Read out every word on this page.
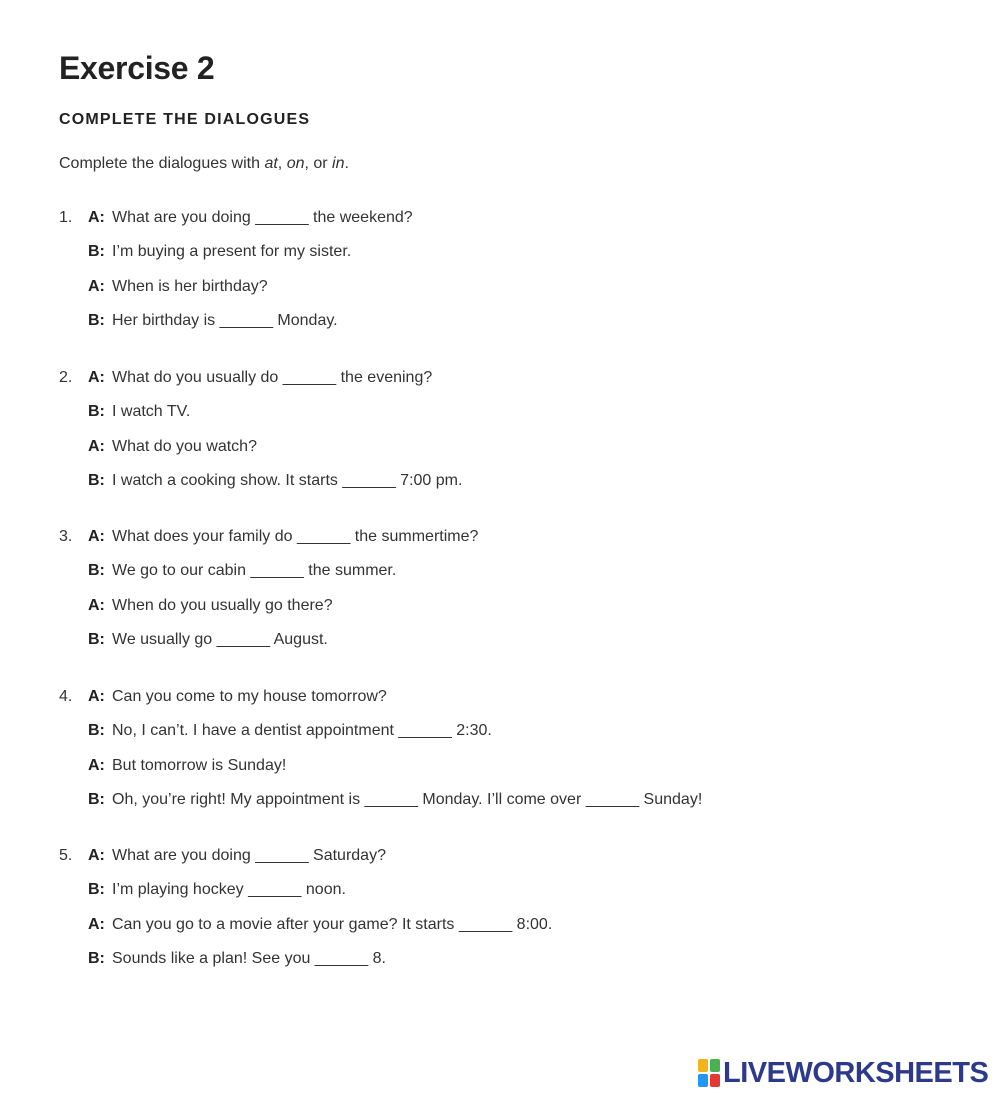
Exercise 2
COMPLETE THE DIALOGUES

Complete the dialogues with at, on, or in.

1. A: What are you doing ______ the weekend?
B: I’m buying a present for my sister.
A: When is her birthday?
B: Her birthday is ______ Monday.
2. A: What do you usually do ______ the evening?
B: I watch TV.
A: What do you watch?
B: I watch a cooking show. It starts ______ 7:00 pm.
3. A: What does your family do ______ the summertime?
B: We go to our cabin ______ the summer.
A: When do you usually go there?
B: We usually go ______ August.
4. A: Can you come to my house tomorrow?
B: No, I can’t. I have a dentist appointment ______ 2:30.
A: But tomorrow is Sunday!
B: Oh, you’re right! My appointment is ______ Monday. I’ll come over ______ Sunday!
5. A: What are you doing ______ Saturday?
B: I’m playing hockey ______ noon.
A: Can you go to a movie after your game? It starts ______ 8:00.
B: Sounds like a plan! See you ______ 8.
LIVEWORKSHEETS
